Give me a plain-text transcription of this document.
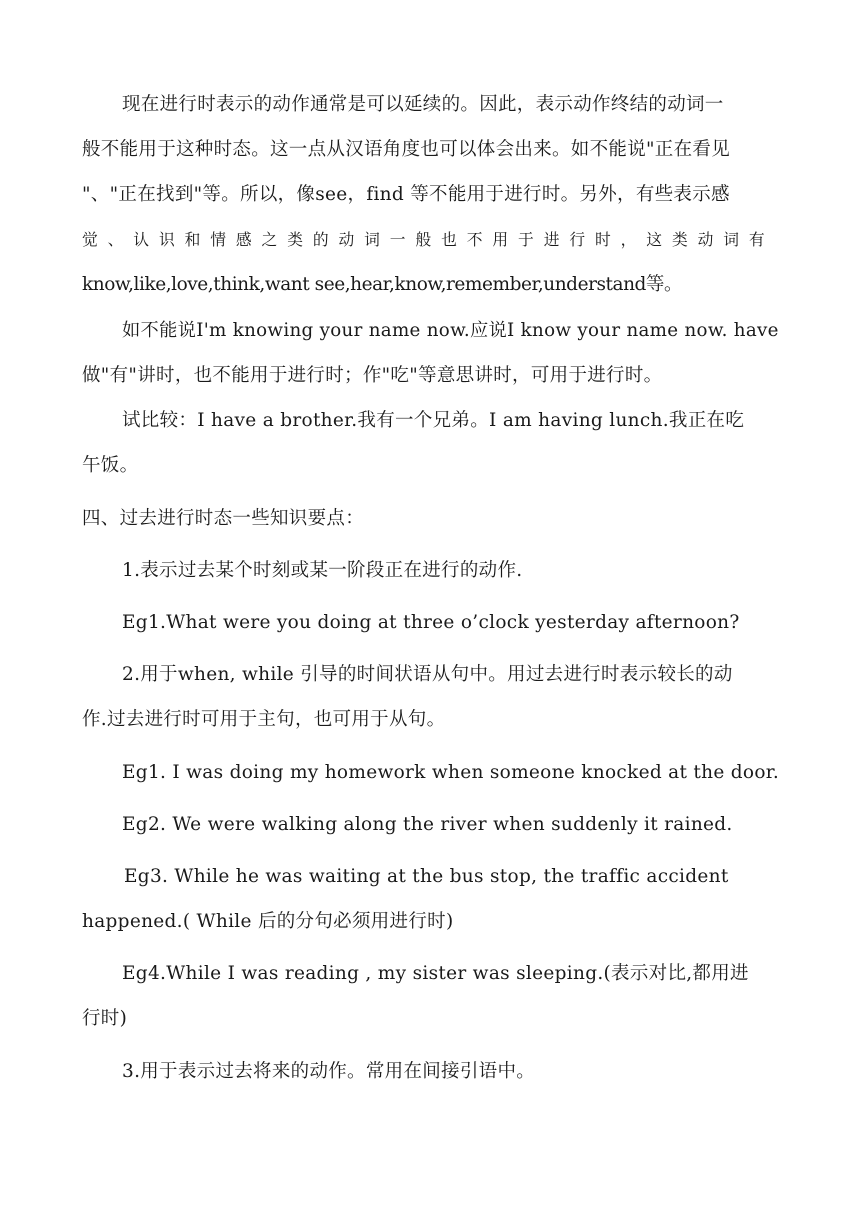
现在进行时表示的动作通常是可以延续的。因此，表示动作终结的动词一
般不能用于这种时态。这一点从汉语角度也可以体会出来。如不能说"正在看见
"、"正在找到"等。所以，像see，find 等不能用于进行时。另外，有些表示感
觉、认识和情感之类的动词一般也不用于进行时，这类动词有
know,like,love,think,want see,hear,know,remember,understand等。
如不能说I'm knowing your name now.应说I know your name now. have
做"有"讲时，也不能用于进行时；作"吃"等意思讲时，可用于进行时。
试比较：I have a brother.我有一个兄弟。I am having lunch.我正在吃
午饭。
四、过去进行时态一些知识要点：
1.表示过去某个时刻或某一阶段正在进行的动作.
Eg1.What were you doing at three o’clock yesterday afternoon?
2.用于when, while 引导的时间状语从句中。用过去进行时表示较长的动
作.过去进行时可用于主句，也可用于从句。
Eg1. I was doing my homework when someone knocked at the door.
Eg2. We were walking along the river when suddenly it rained.
Eg3. While he was waiting at the bus stop, the traffic accident
happened.( While 后的分句必须用进行时)
Eg4.While I was reading , my sister was sleeping.(表示对比,都用进
行时)
3.用于表示过去将来的动作。常用在间接引语中。
